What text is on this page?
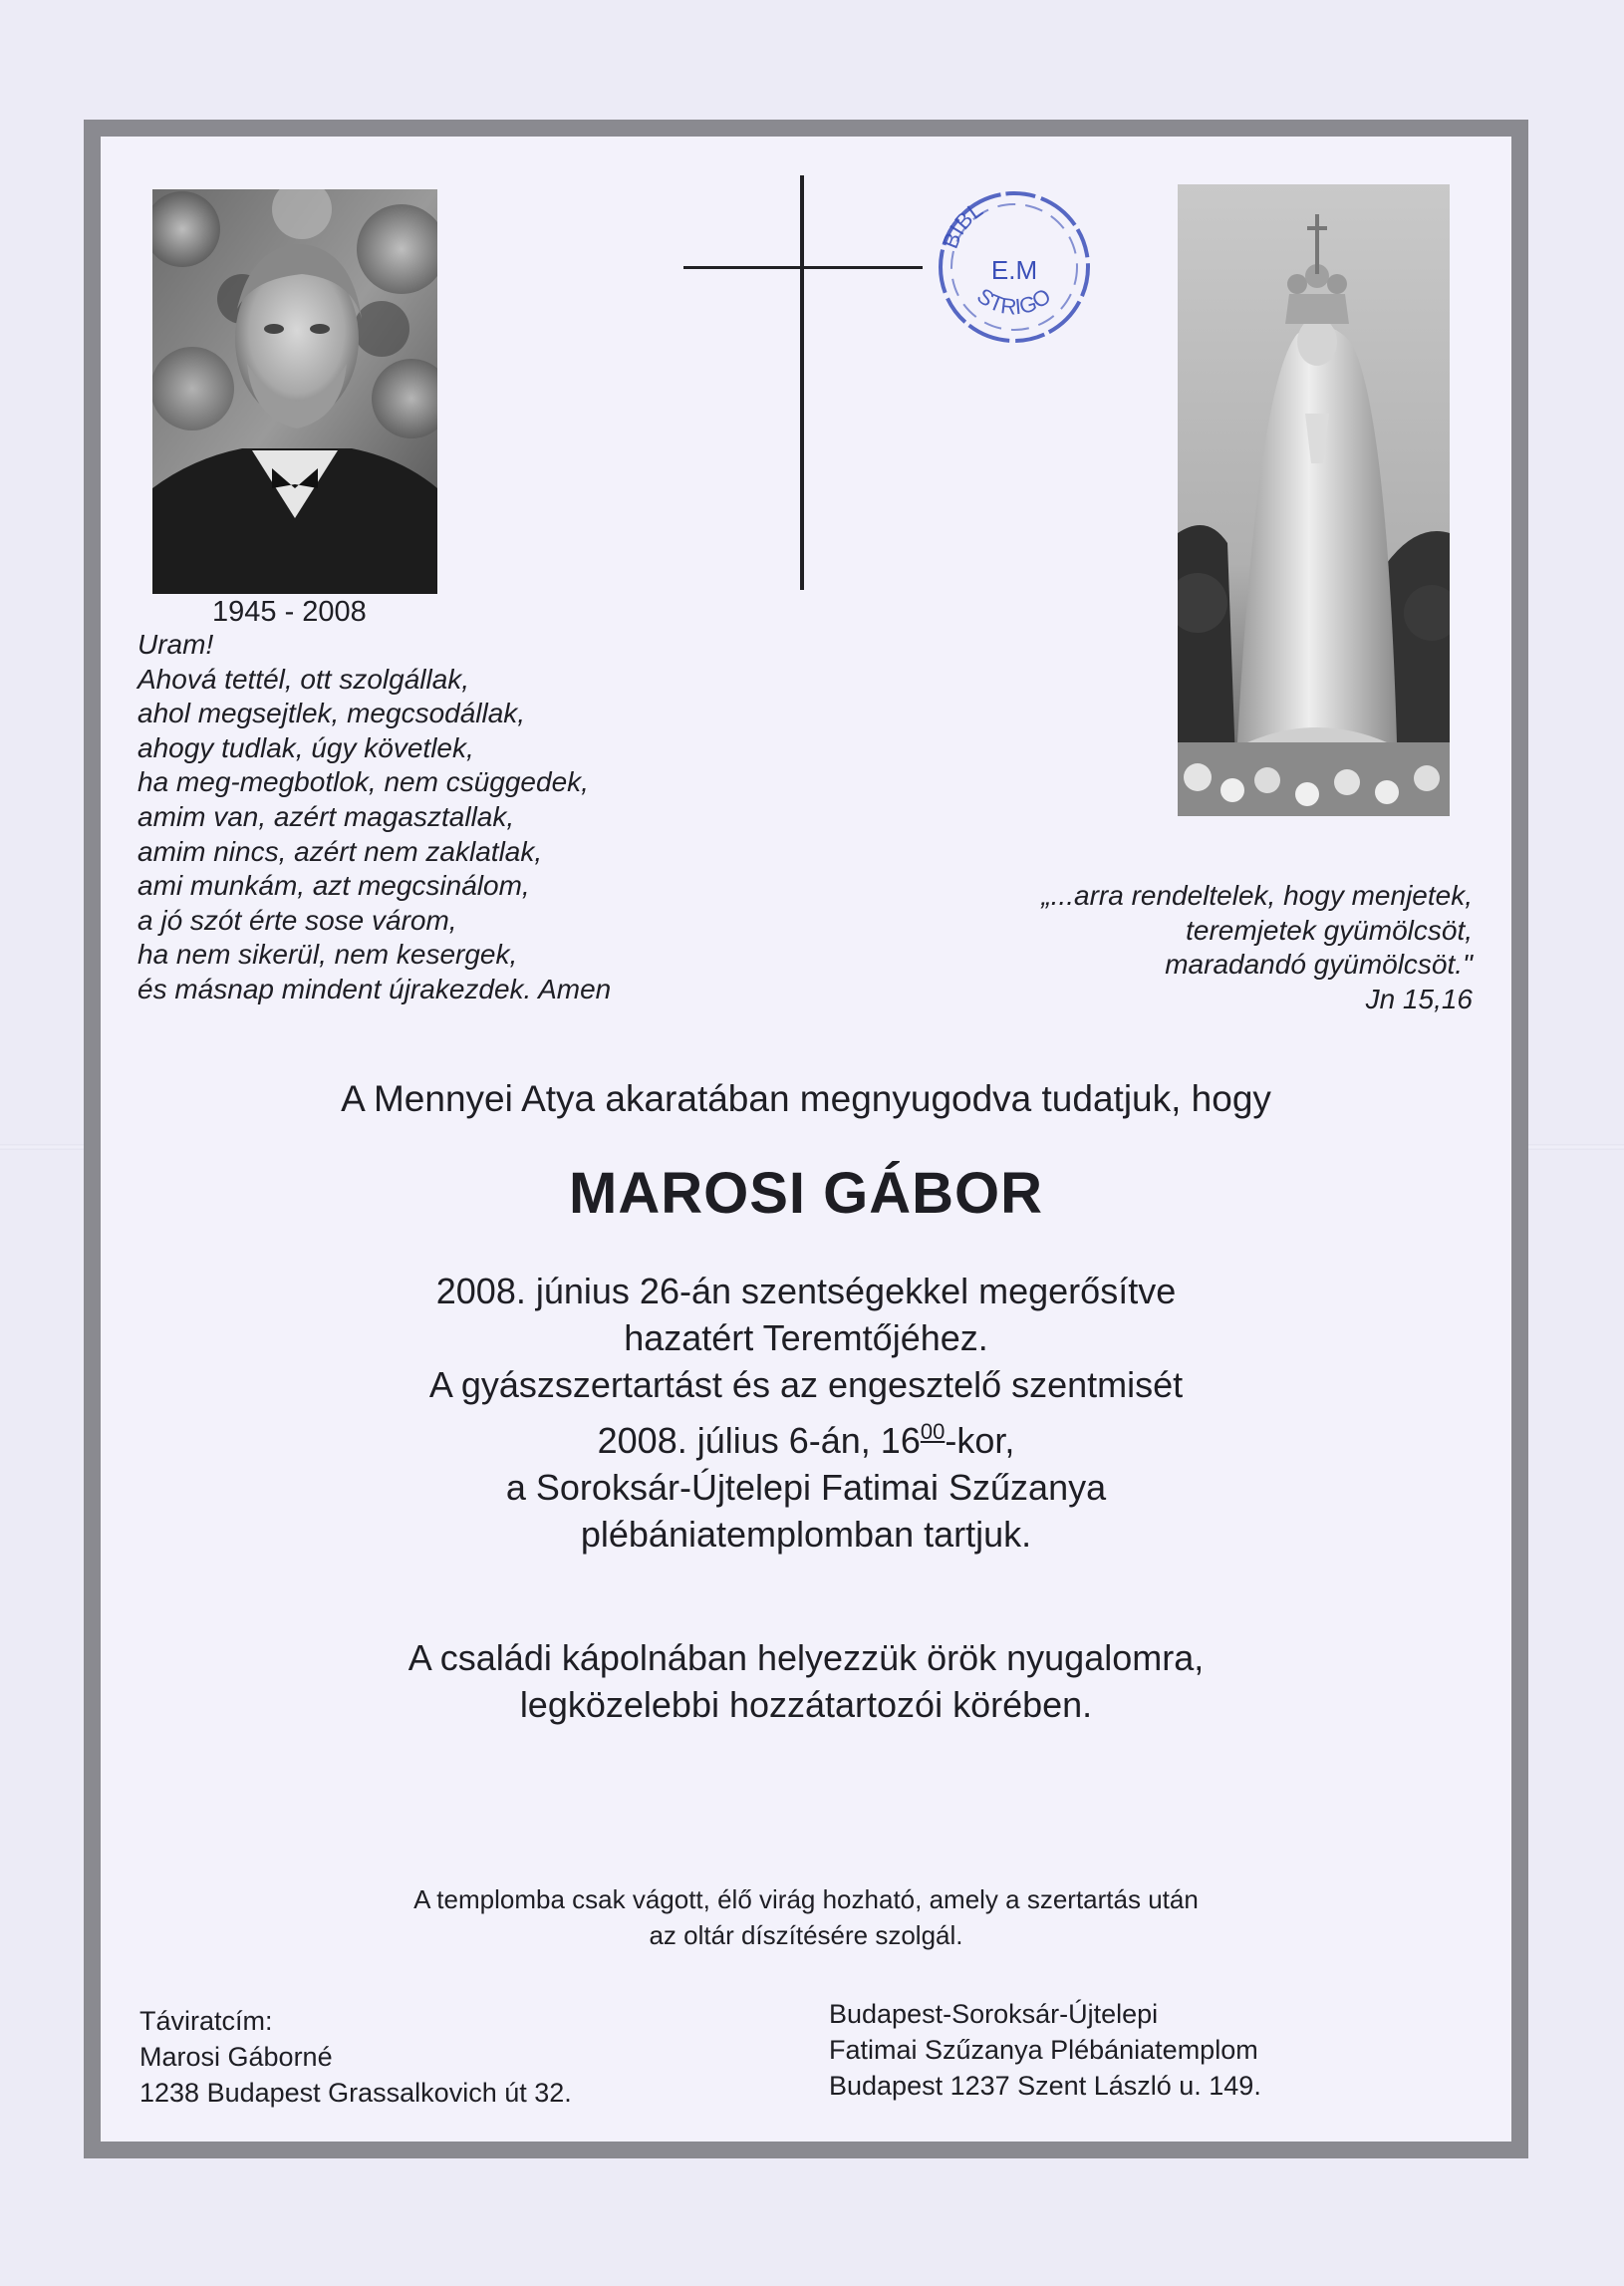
1945 - 2008
Uram!
Ahová tettél, ott szolgállak,
ahol megsejtlek, megcsodállak,
ahogy tudlak, úgy követlek,
ha meg-megbotlok, nem csüggedek,
amim van, azért magasztallak,
amim nincs, azért nem zaklatlak,
ami munkám, azt megcsinálom,
a jó szót érte sose várom,
ha nem sikerül, nem kesergek,
és másnap mindent újrakezdek. Amen
BIBL
E.M
STRIGO
„...arra rendeltelek, hogy menjetek,
teremjetek gyümölcsöt,
maradandó gyümölcsöt."
Jn 15,16
A Mennyei Atya akaratában megnyugodva tudatjuk, hogy
MAROSI GÁBOR
2008. június 26-án szentségekkel megerősítve
hazatért Teremtőjéhez.
A gyászszertartást és az engesztelő szentmisét
2008. július 6-án, $16^{00}$-kor,
a Soroksár-Újtelepi Fatimai Szűzanya
plébániatemplomban tartjuk.
A családi kápolnában helyezzük örök nyugalomra,
legközelebbi hozzátartozói körében.
A templomba csak vágott, élő virág hozható, amely a szertartás után
az oltár díszítésére szolgál.
Táviratcím:
Marosi Gáborné
1238 Budapest Grassalkovich út 32.
Budapest-Soroksár-Újtelepi
Fatimai Szűzanya Plébániatemplom
Budapest 1237 Szent László u. 149.
